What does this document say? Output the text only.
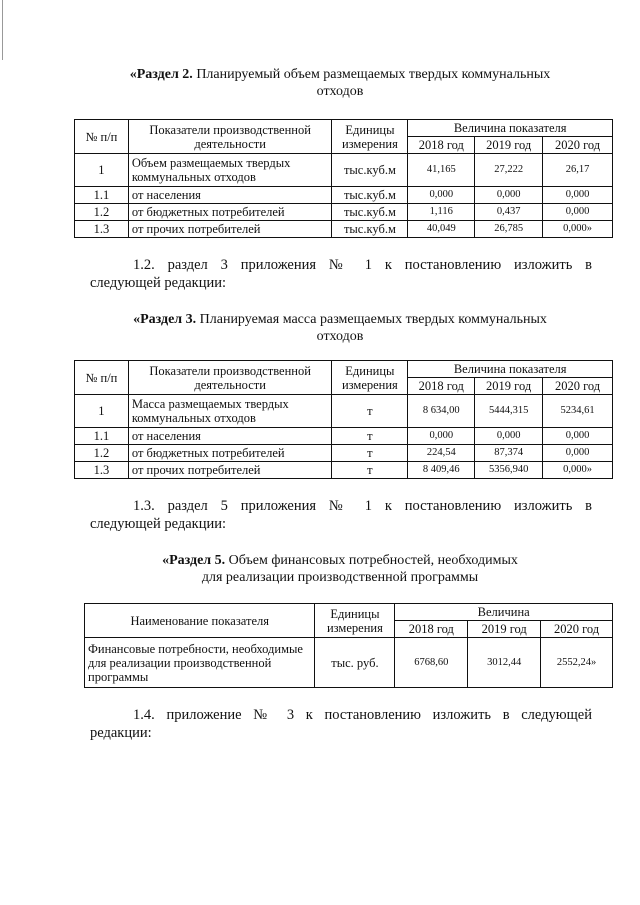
«Раздел 2. Планируемый объем размещаемых твердых коммунальных
отходов
№ п/п	Показатели производственной деятельности	Единицы измерения	Величина показателя		
			2018 год	2019 год	2020 год
1	Объем размещаемых твердых коммунальных отходов	тыс.куб.м	41,165	27,222	26,17
1.1	от населения	тыс.куб.м	0,000	0,000	0,000
1.2	от бюджетных потребителей	тыс.куб.м	1,116	0,437	0,000
1.3	от прочих потребителей	тыс.куб.м	40,049	26,785	0,000»
1.2. раздел 3 приложения № 1 к постановлению изложить в
следующей редакции:
«Раздел 3. Планируемая масса размещаемых твердых коммунальных
отходов
№ п/п	Показатели производственной деятельности	Единицы измерения	Величина показателя		
			2018 год	2019 год	2020 год
1	Масса размещаемых твердых коммунальных отходов	т	8 634,00	5444,315	5234,61
1.1	от населения	т	0,000	0,000	0,000
1.2	от бюджетных потребителей	т	224,54	87,374	0,000
1.3	от прочих потребителей	т	8 409,46	5356,940	0,000»
1.3. раздел 5 приложения № 1 к постановлению изложить в
следующей редакции:
«Раздел 5. Объем финансовых потребностей, необходимых
для реализации производственной программы
Наименование показателя	Единицы измерения	Величина		
		2018 год	2019 год	2020 год
Финансовые потребности, необходимые для реализации производственной программы	тыс. руб.	6768,60	3012,44	2552,24»
1.4. приложение № 3 к постановлению изложить в следующей
редакции:
